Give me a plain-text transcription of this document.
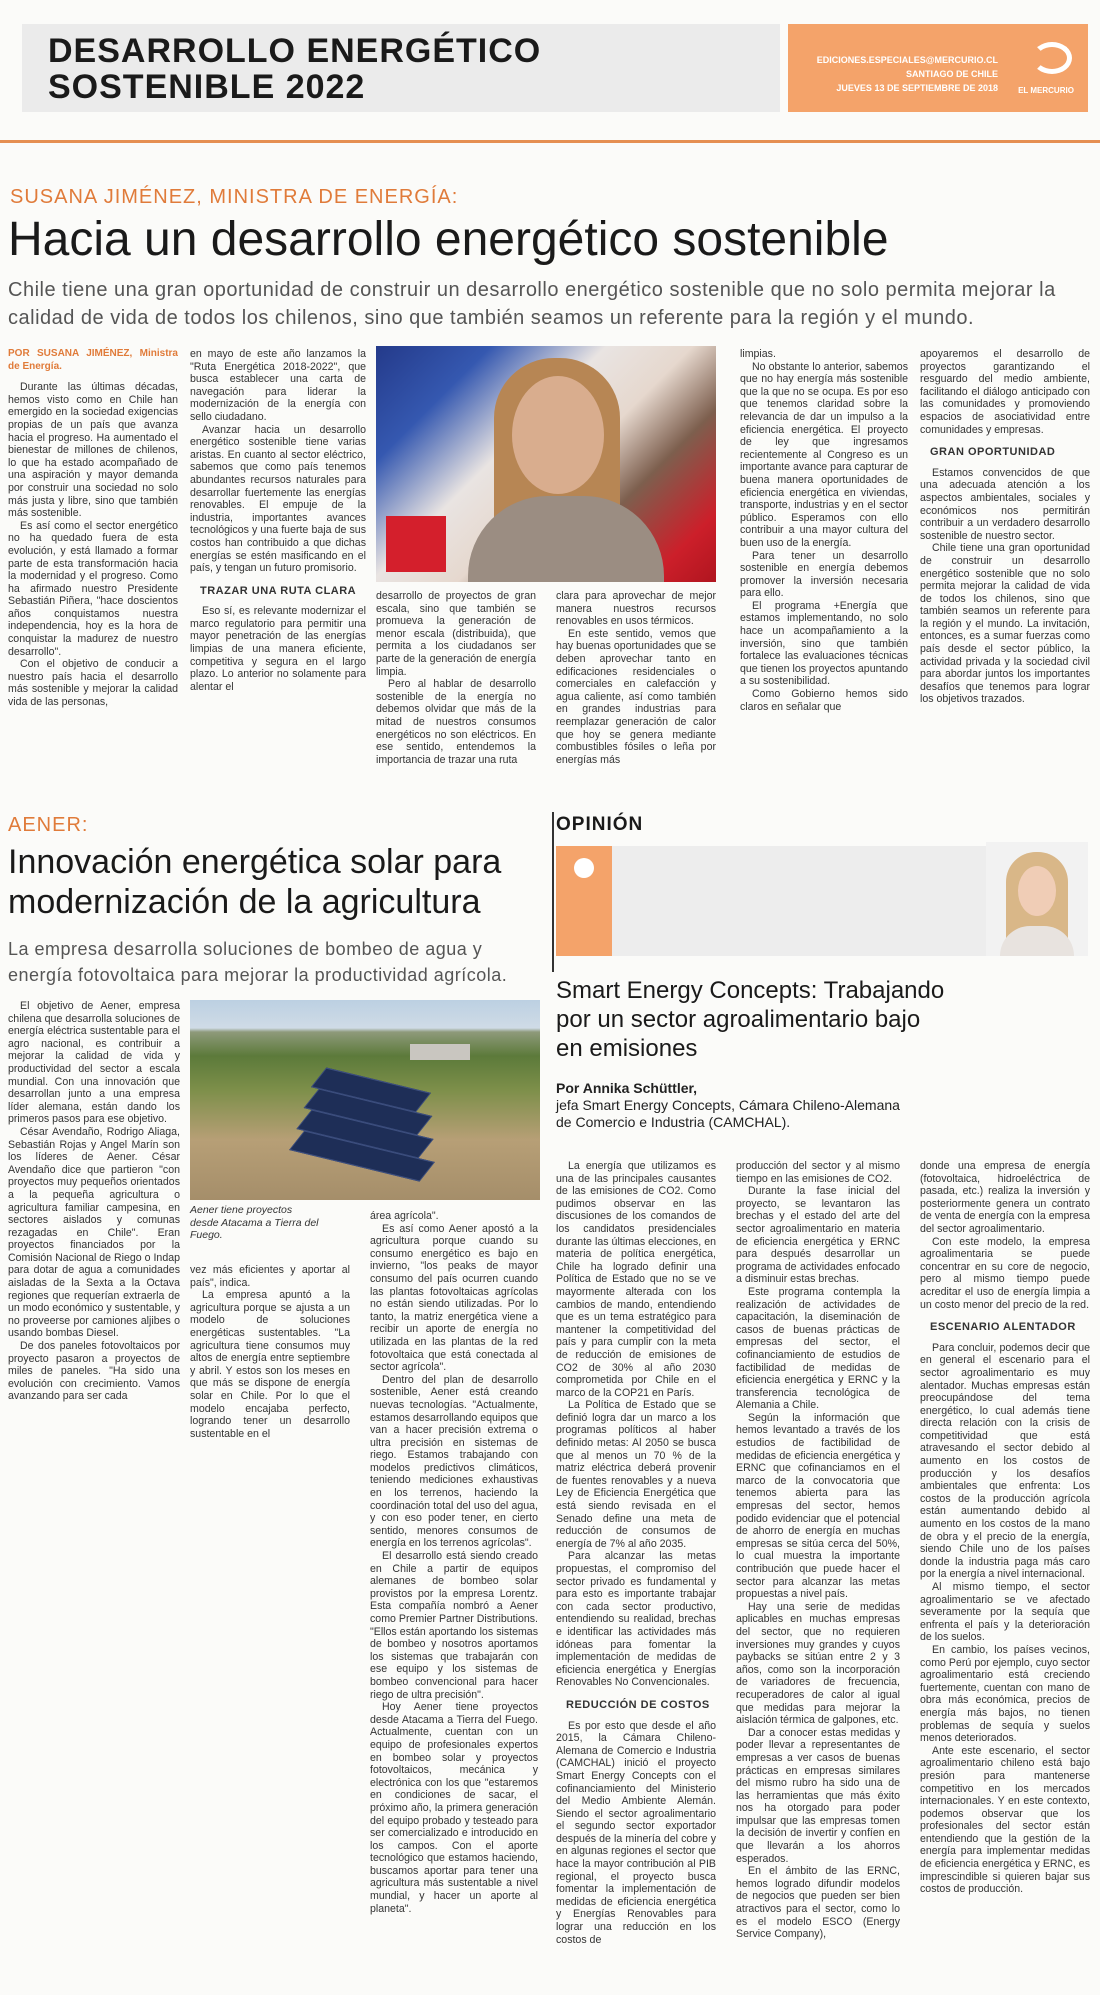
DESARROLLO ENERGÉTICO
SOSTENIBLE 2022
EDICIONES.ESPECIALES@MERCURIO.CL
SANTIAGO DE CHILE
JUEVES 13 DE SEPTIEMBRE DE 2018	EL MERCURIO
SUSANA JIMÉNEZ, MINISTRA DE ENERGÍA:
Hacia un desarrollo energético sostenible
Chile tiene una gran oportunidad de construir un desarrollo energético sostenible que no solo permita mejorar la calidad de vida de todos los chilenos, sino que también seamos un referente para la región y el mundo.

POR SUSANA JIMÉNEZ, Ministra de Energía.

Durante las últimas décadas, hemos visto como en Chile han emergido en la sociedad exigencias propias de un país que avanza hacia el progreso. Ha aumentado el bienestar de millones de chilenos, lo que ha estado acompañado de una aspiración y mayor demanda por construir una sociedad no solo más justa y libre, sino que también más sostenible.

Es así como el sector energético no ha quedado fuera de esta evolución, y está llamado a formar parte de esta transformación hacia la modernidad y el progreso. Como ha afirmado nuestro Presidente Sebastián Piñera, "hace doscientos años conquistamos nuestra independencia, hoy es la hora de conquistar la madurez de nuestro desarrollo".

Con el objetivo de conducir a nuestro país hacia el desarrollo más sostenible y mejorar la calidad vida de las personas,

en mayo de este año lanzamos la "Ruta Energética 2018-2022", que busca establecer una carta de navegación para liderar la modernización de la energía con sello ciudadano.

Avanzar hacia un desarrollo energético sostenible tiene varias aristas. En cuanto al sector eléctrico, sabemos que como país tenemos abundantes recursos naturales para desarrollar fuertemente las energías renovables. El empuje de la industria, importantes avances tecnológicos y una fuerte baja de sus costos han contribuido a que dichas energías se estén masificando en el país, y tengan un futuro promisorio.

TRAZAR UNA RUTA CLARA

Eso sí, es relevante modernizar el marco regulatorio para permitir una mayor penetración de las energías limpias de una manera eficiente, competitiva y segura en el largo plazo. Lo anterior no solamente para alentar el

desarrollo de proyectos de gran escala, sino que también se promueva la generación de menor escala (distribuida), que permita a los ciudadanos ser parte de la generación de energía limpia.

Pero al hablar de desarrollo sostenible de la energía no debemos olvidar que más de la mitad de nuestros consumos energéticos no son eléctricos. En ese sentido, entendemos la importancia de trazar una ruta

clara para aprovechar de mejor manera nuestros recursos renovables en usos térmicos.

En este sentido, vemos que hay buenas oportunidades que se deben aprovechar tanto en edificaciones residenciales o comerciales en calefacción y agua caliente, así como también en grandes industrias para reemplazar generación de calor que hoy se genera mediante combustibles fósiles o leña por energías más

limpias.

No obstante lo anterior, sabemos que no hay energía más sostenible que la que no se ocupa. Es por eso que tenemos claridad sobre la relevancia de dar un impulso a la eficiencia energética. El proyecto de ley que ingresamos recientemente al Congreso es un importante avance para capturar de buena manera oportunidades de eficiencia energética en viviendas, transporte, industrias y en el sector público. Esperamos con ello contribuir a una mayor cultura del buen uso de la energía.

Para tener un desarrollo sostenible en energía debemos promover la inversión necesaria para ello.

El programa +Energía que estamos implementando, no solo hace un acompañamiento a la inversión, sino que también fortalece las evaluaciones técnicas que tienen los proyectos apuntando a su sostenibilidad.

Como Gobierno hemos sido claros en señalar que

apoyaremos el desarrollo de proyectos garantizando el resguardo del medio ambiente, facilitando el diálogo anticipado con las comunidades y promoviendo espacios de asociatividad entre comunidades y empresas.

GRAN OPORTUNIDAD

Estamos convencidos de que una adecuada atención a los aspectos ambientales, sociales y económicos nos permitirán contribuir a un verdadero desarrollo sostenible de nuestro sector.

Chile tiene una gran oportunidad de construir un desarrollo energético sostenible que no solo permita mejorar la calidad de vida de todos los chilenos, sino que también seamos un referente para la región y el mundo. La invitación, entonces, es a sumar fuerzas como país desde el sector público, la actividad privada y la sociedad civil para abordar juntos los importantes desafíos que tenemos para lograr los objetivos trazados.

AENER:
Innovación energética solar para
modernización de la agricultura
La empresa desarrolla soluciones de bombeo de agua y energía fotovoltaica para mejorar la productividad agrícola.

El objetivo de Aener, empresa chilena que desarrolla soluciones de energía eléctrica sustentable para el agro nacional, es contribuir a mejorar la calidad de vida y productividad del sector a escala mundial. Con una innovación que desarrollan junto a una empresa líder alemana, están dando los primeros pasos para ese objetivo.

César Avendaño, Rodrigo Aliaga, Sebastián Rojas y Angel Marín son los líderes de Aener. César Avendaño dice que partieron "con proyectos muy pequeños orientados a la pequeña agricultura o agricultura familiar campesina, en sectores aislados y comunas rezagadas en Chile". Eran proyectos financiados por la Comisión Nacional de Riego o Indap para dotar de agua a comunidades aisladas de la Sexta a la Octava regiones que requerían extraerla de un modo económico y sustentable, y no proveerse por camiones aljibes o usando bombas Diesel.

De dos paneles fotovoltaicos por proyecto pasaron a proyectos de miles de paneles. "Ha sido una evolución con crecimiento. Vamos avanzando para ser cada

Aener tiene proyectos desde Atacama a Tierra del Fuego.

vez más eficientes y aportar al país", indica.

La empresa apuntó a la agricultura porque se ajusta a un modelo de soluciones energéticas sustentables. "La agricultura tiene consumos muy altos de energía entre septiembre y abril. Y estos son los meses en que más se dispone de energía solar en Chile. Por lo que el modelo encajaba perfecto, logrando tener un desarrollo sustentable en el

área agrícola".

Es así como Aener apostó a la agricultura porque cuando su consumo energético es bajo en invierno, "los peaks de mayor consumo del país ocurren cuando las plantas fotovoltaicas agrícolas no están siendo utilizadas. Por lo tanto, la matriz energética viene a recibir un aporte de energía no utilizada en las plantas de la red fotovoltaica que está conectada al sector agrícola".

Dentro del plan de desarrollo sostenible, Aener está creando nuevas tecnologías. "Actualmente, estamos desarrollando equipos que van a hacer precisión extrema o ultra precisión en sistemas de riego. Estamos trabajando con modelos predictivos climáticos, teniendo mediciones exhaustivas en los terrenos, haciendo la coordinación total del uso del agua, y con eso poder tener, en cierto sentido, menores consumos de energía en los terrenos agrícolas".

El desarrollo está siendo creado en Chile a partir de equipos alemanes de bombeo solar provistos por la empresa Lorentz. Esta compañía nombró a Aener como Premier Partner Distributions. "Ellos están aportando los sistemas de bombeo y nosotros aportamos los sistemas que trabajarán con ese equipo y los sistemas de bombeo convencional para hacer riego de ultra precisión".

Hoy Aener tiene proyectos desde Atacama a Tierra del Fuego. Actualmente, cuentan con un equipo de profesionales expertos en bombeo solar y proyectos fotovoltaicos, mecánica y electrónica con los que "estaremos en condiciones de sacar, el próximo año, la primera generación del equipo probado y testeado para ser comercializado e introducido en los campos. Con el aporte tecnológico que estamos haciendo, buscamos aportar para tener una agricultura más sustentable a nivel mundial, y hacer un aporte al planeta".

OPINIÓN
Smart Energy Concepts: Trabajando
por un sector agroalimentario bajo
en emisiones
Por Annika Schüttler,
jefa Smart Energy Concepts, Cámara Chileno-Alemana
de Comercio e Industria (CAMCHAL).

La energía que utilizamos es una de las principales causantes de las emisiones de CO2. Como pudimos observar en las discusiones de los comandos de los candidatos presidenciales durante las últimas elecciones, en materia de política energética, Chile ha logrado definir una Política de Estado que no se ve mayormente alterada con los cambios de mando, entendiendo que es un tema estratégico para mantener la competitividad del país y para cumplir con la meta de reducción de emisiones de CO2 de 30% al año 2030 comprometida por Chile en el marco de la COP21 en París.

La Política de Estado que se definió logra dar un marco a los programas políticos al haber definido metas: Al 2050 se busca que al menos un 70 % de la matriz eléctrica deberá provenir de fuentes renovables y a nueva Ley de Eficiencia Energética que está siendo revisada en el Senado define una meta de reducción de consumos de energía de 7% al año 2035.

Para alcanzar las metas propuestas, el compromiso del sector privado es fundamental y para esto es importante trabajar con cada sector productivo, entendiendo su realidad, brechas e identificar las actividades más idóneas para fomentar la implementación de medidas de eficiencia energética y Energías Renovables No Convencionales.

REDUCCIÓN DE COSTOS

Es por esto que desde el año 2015, la Cámara Chileno-Alemana de Comercio e Industria (CAMCHAL) inició el proyecto Smart Energy Concepts con el cofinanciamiento del Ministerio del Medio Ambiente Alemán. Siendo el sector agroalimentario el segundo sector exportador después de la minería del cobre y en algunas regiones el sector que hace la mayor contribución al PIB regional, el proyecto busca fomentar la implementación de medidas de eficiencia energética y Energías Renovables para lograr una reducción en los costos de

producción del sector y al mismo tiempo en las emisiones de CO2.

Durante la fase inicial del proyecto, se levantaron las brechas y el estado del arte del sector agroalimentario en materia de eficiencia energética y ERNC para después desarrollar un programa de actividades enfocado a disminuir estas brechas.

Este programa contempla la realización de actividades de capacitación, la diseminación de casos de buenas prácticas de empresas del sector, el cofinanciamiento de estudios de factibilidad de medidas de eficiencia energética y ERNC y la transferencia tecnológica de Alemania a Chile.

Según la información que hemos levantado a través de los estudios de factibilidad de medidas de eficiencia energética y ERNC que cofinanciamos en el marco de la convocatoria que tenemos abierta para las empresas del sector, hemos podido evidenciar que el potencial de ahorro de energía en muchas empresas se sitúa cerca del 50%, lo cual muestra la importante contribución que puede hacer el sector para alcanzar las metas propuestas a nivel país.

Hay una serie de medidas aplicables en muchas empresas del sector, que no requieren inversiones muy grandes y cuyos paybacks se sitúan entre 2 y 3 años, como son la incorporación de variadores de frecuencia, recuperadores de calor al igual que medidas para mejorar la aislación térmica de galpones, etc.

Dar a conocer estas medidas y poder llevar a representantes de empresas a ver casos de buenas prácticas en empresas similares del mismo rubro ha sido una de las herramientas que más éxito nos ha otorgado para poder impulsar que las empresas tomen la decisión de invertir y confíen en que llevarán a los ahorros esperados.

En el ámbito de las ERNC, hemos logrado difundir modelos de negocios que pueden ser bien atractivos para el sector, como lo es el modelo ESCO (Energy Service Company),

donde una empresa de energía (fotovoltaica, hidroeléctrica de pasada, etc.) realiza la inversión y posteriormente genera un contrato de venta de energía con la empresa del sector agroalimentario.

Con este modelo, la empresa agroalimentaria se puede concentrar en su core de negocio, pero al mismo tiempo puede acreditar el uso de energía limpia a un costo menor del precio de la red.

ESCENARIO ALENTADOR

Para concluir, podemos decir que en general el escenario para el sector agroalimentario es muy alentador. Muchas empresas están preocupándose del tema energético, lo cual además tiene directa relación con la crisis de competitividad que está atravesando el sector debido al aumento en los costos de producción y los desafíos ambientales que enfrenta: Los costos de la producción agrícola están aumentando debido al aumento en los costos de la mano de obra y el precio de la energía, siendo Chile uno de los países donde la industria paga más caro por la energía a nivel internacional.

Al mismo tiempo, el sector agroalimentario se ve afectado severamente por la sequía que enfrenta el país y la deterioración de los suelos.

En cambio, los países vecinos, como Perú por ejemplo, cuyo sector agroalimentario está creciendo fuertemente, cuentan con mano de obra más económica, precios de energía más bajos, no tienen problemas de sequía y suelos menos deteriorados.

Ante este escenario, el sector agroalimentario chileno está bajo presión para mantenerse competitivo en los mercados internacionales. Y en este contexto, podemos observar que los profesionales del sector están entendiendo que la gestión de la energía para implementar medidas de eficiencia energética y ERNC, es imprescindible si quieren bajar sus costos de producción.
